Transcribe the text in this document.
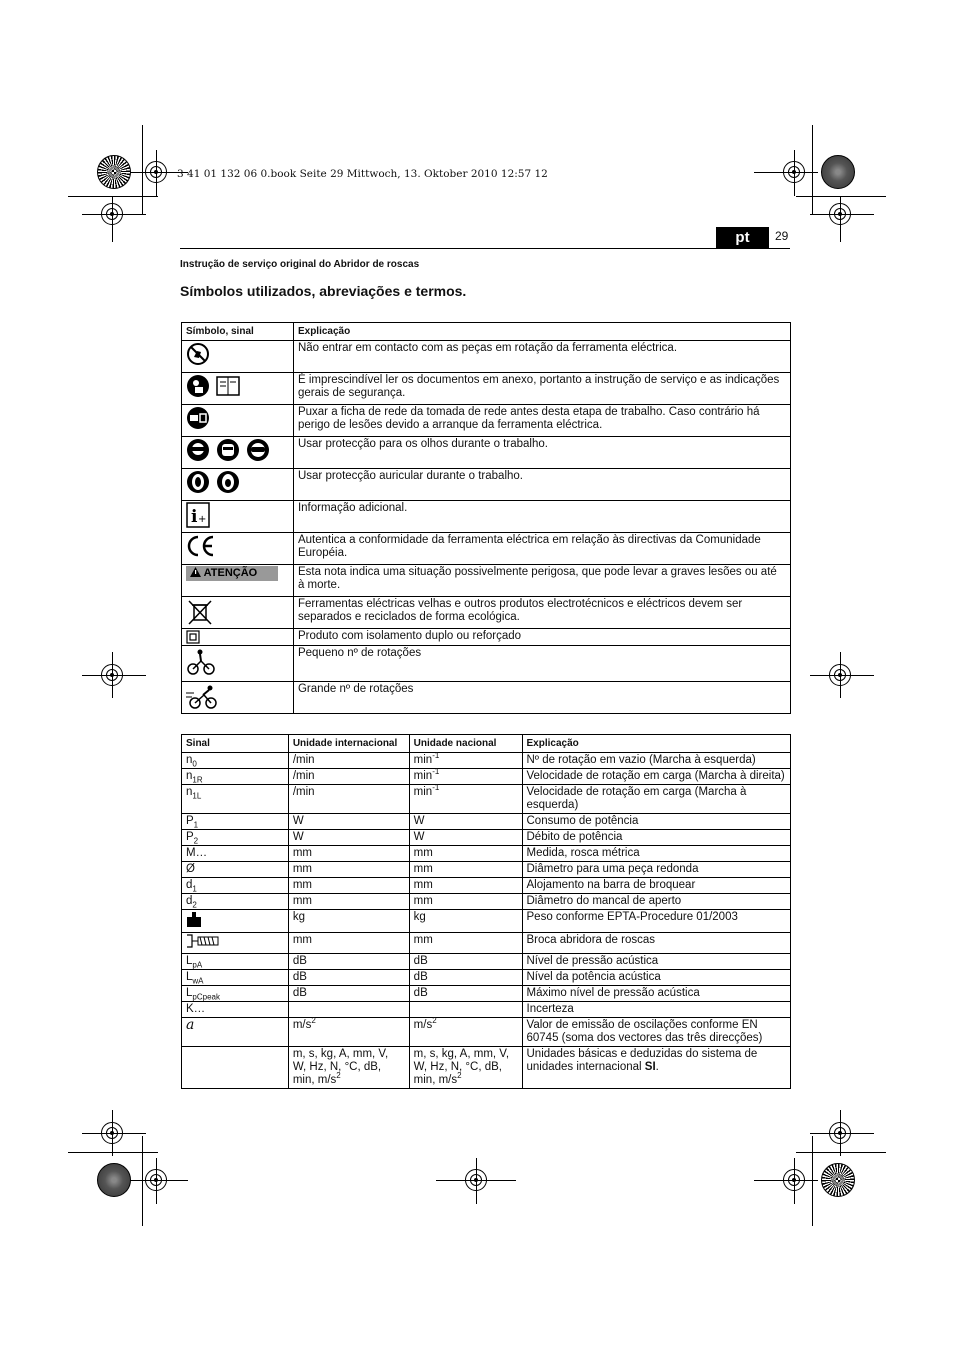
3 41 01 132 06 0.book Seite 29 Mittwoch, 13. Oktober 2010 12:57 12
pt	29
Instrução de serviço original do Abridor de roscas
Símbolos utilizados, abreviações e termos.
Símbolo, sinal	Explicação
	Não entrar em contacto com as peças em rotação da ferramenta eléctrica.
	É imprescindível ler os documentos em anexo, portanto a instrução de serviço e as indicações gerais de segurança.
	Puxar a ficha de rede da tomada de rede antes desta etapa de trabalho. Caso contrário há perigo de lesões devido a arranque da ferramenta eléctrica.
	Usar protecção para os olhos durante o trabalho.
	Usar protecção auricular durante o trabalho.

i +	Informação adicional.
	Autentica a conformidade da ferramenta eléctrica em relação às directivas da Comunidade Européia.
ATENÇÃO	Esta nota indica uma situação possivelmente perigosa, que pode levar a graves lesões ou até à morte.
	Ferramentas eléctricas velhas e outros produtos electrotécnicos e eléctricos devem ser separados e reciclados de forma ecológica.
	Produto com isolamento duplo ou reforçado
	Pequeno nº de rotações
	Grande nº de rotações
Sinal	Unidade internacional	Unidade nacional	Explicação
$n_0$	/min	$\min^{-1}$	Nº de rotação em vazio (Marcha à esquerda)
$n_{1R}$	/min	$\min^{-1}$	Velocidade de rotação em carga (Marcha à direita)
$n_{1L}$	/min	$\min^{-1}$	Velocidade de rotação em carga (Marcha à esquerda)
$P_1$	W	W	Consumo de potência
$P_2$	W	W	Débito de potência
M…	mm	mm	Medida, rosca métrica
Ø	mm	mm	Diâmetro para uma peça redonda
$d_1$	mm	mm	Alojamento na barra de broquear
$d_2$	mm	mm	Diâmetro do mancal de aperto
	kg	kg	Peso conforme EPTA-Procedure 01/2003
	mm	mm	Broca abridora de roscas
$L_{pA}$	dB	dB	Nível de pressão acústica
$L_{wA}$	dB	dB	Nível da potência acústica
$L_{pCpeak}$	dB	dB	Máximo nível de pressão acústica
K…			Incerteza
a	$m/s^2$	$m/s^2$	Valor de emissão de oscilações conforme EN 60745 (soma dos vectores das três direcções)
	m, s, kg, A, mm, V, W, Hz, N, °C, dB, min, $m/s^2$	m, s, kg, A, mm, V, W, Hz, N, °C, dB, min, $m/s^2$	Unidades básicas e deduzidas do sistema de unidades internacional SI.
